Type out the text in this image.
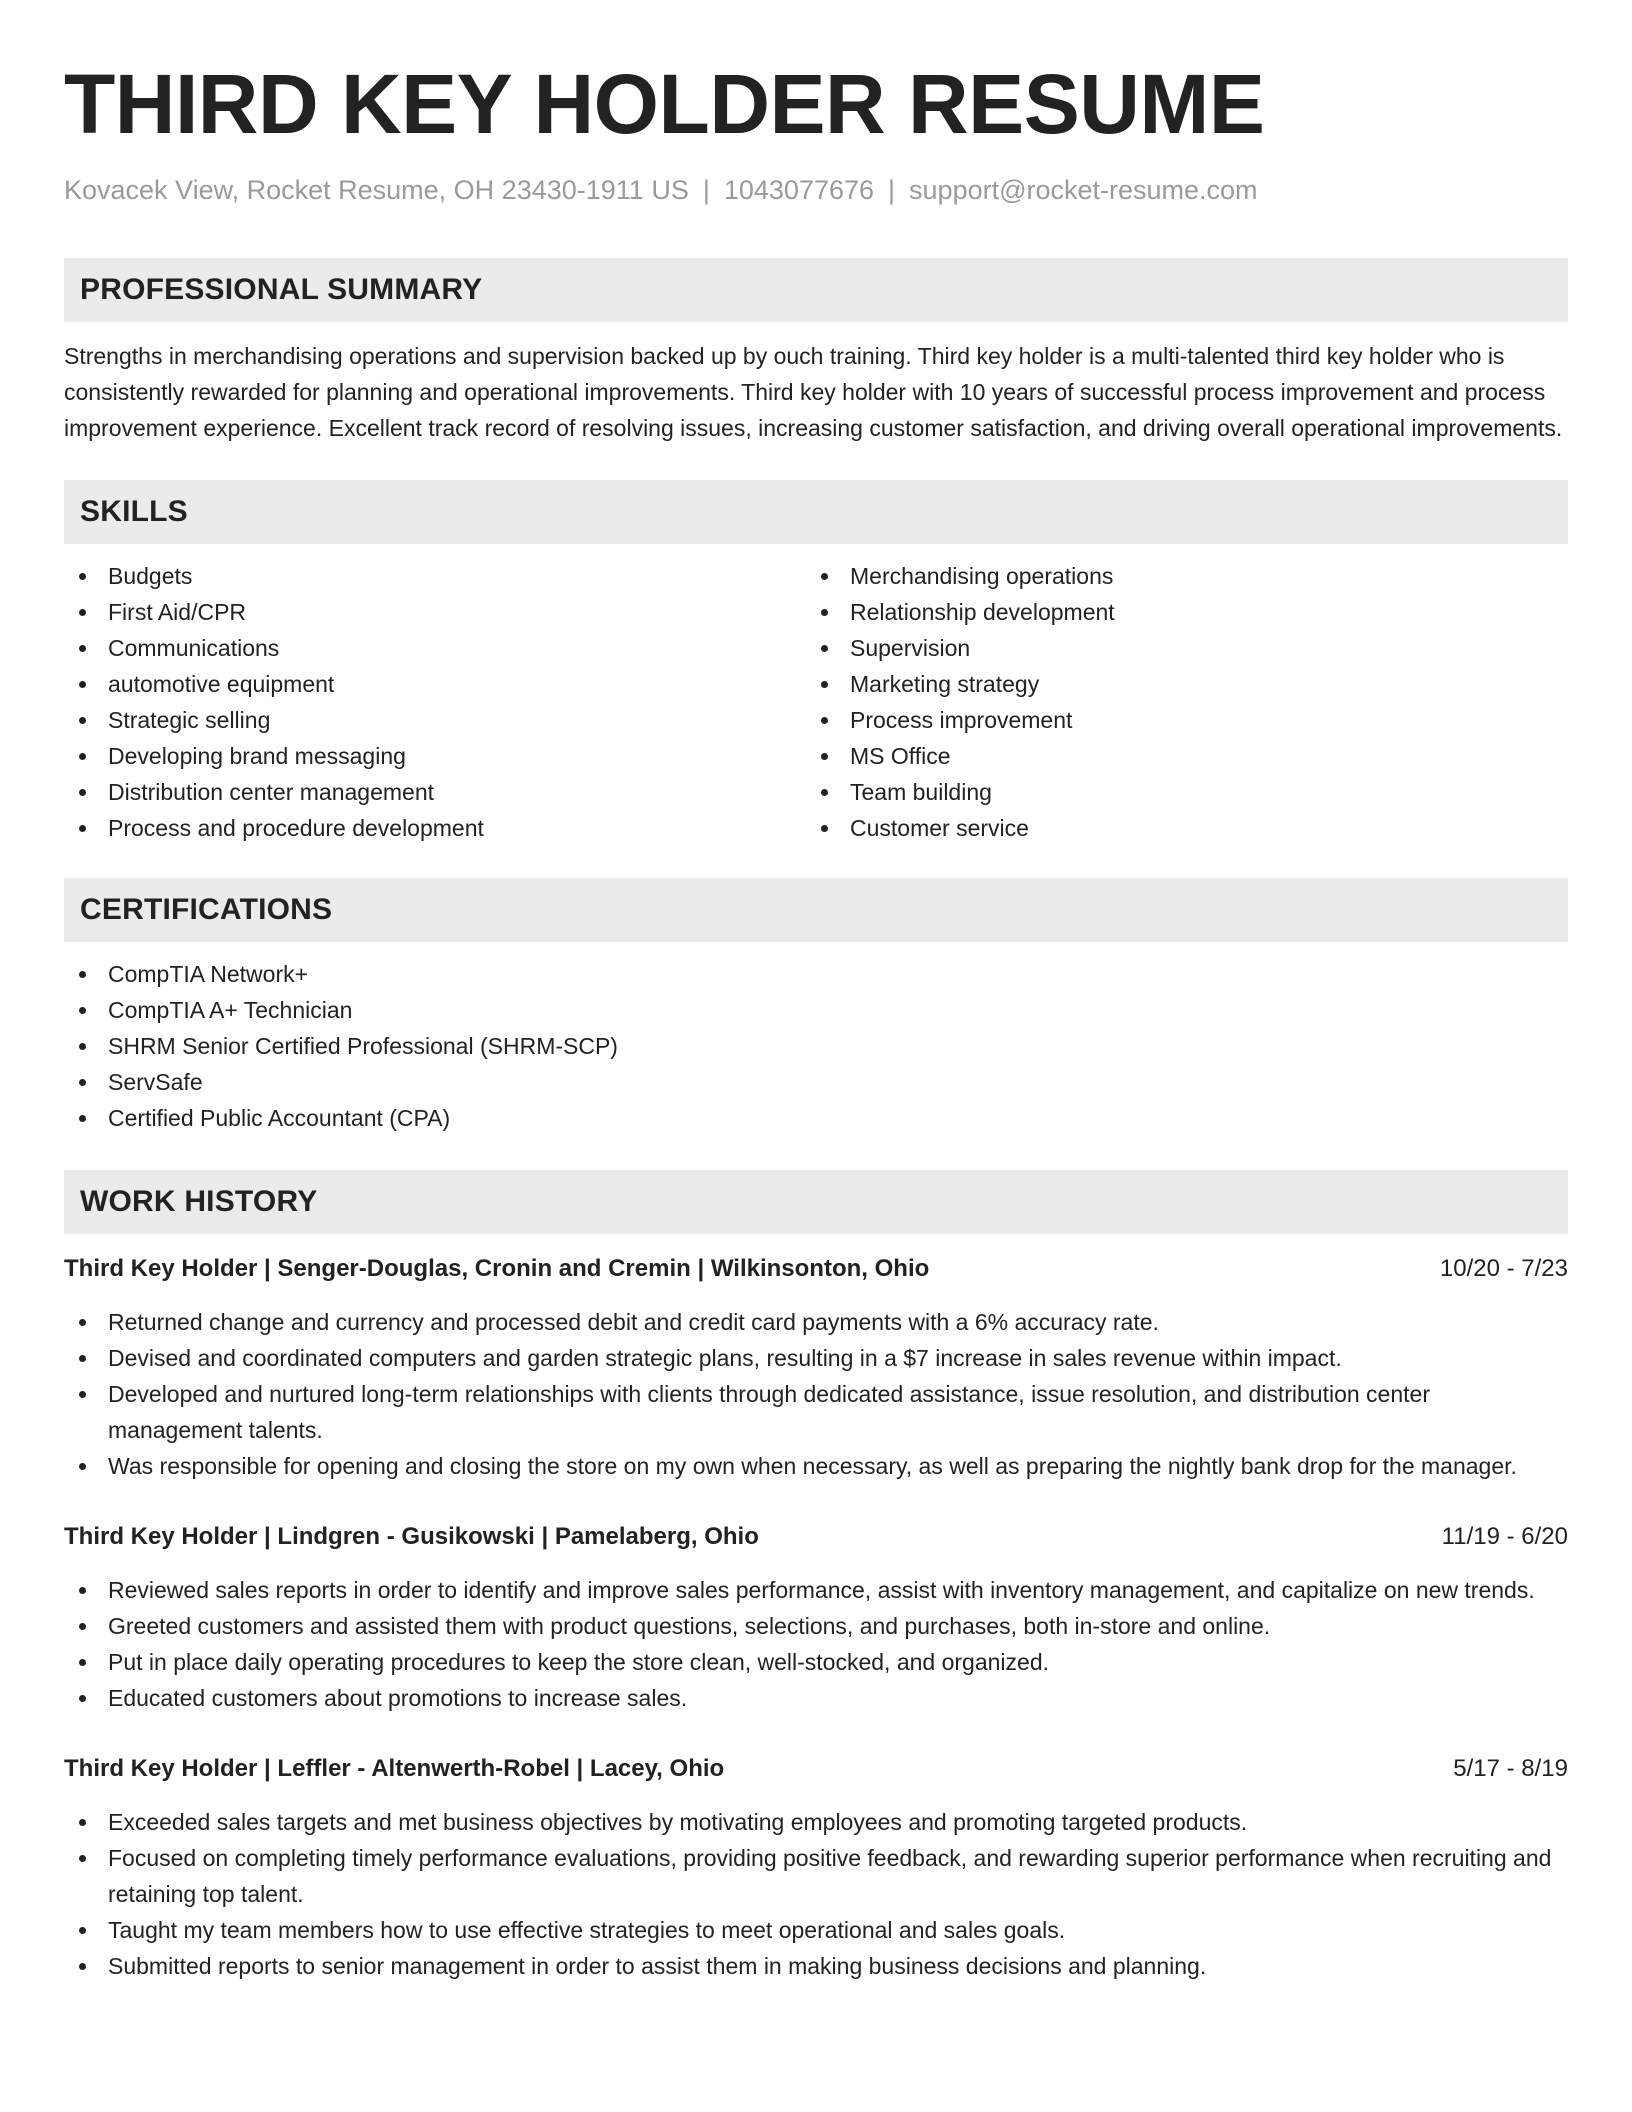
THIRD KEY HOLDER RESUME
Kovacek View, Rocket Resume, OH 23430-1911 US | 1043077676 | support@rocket-resume.com
PROFESSIONAL SUMMARY

Strengths in merchandising operations and supervision backed up by ouch training. Third key holder is a multi-talented third key holder who is consistently rewarded for planning and operational improvements. Third key holder with 10 years of successful process improvement and process improvement experience. Excellent track record of resolving issues, increasing customer satisfaction, and driving overall operational improvements.

SKILLS
Budgets
First Aid/CPR
Communications
automotive equipment
Strategic selling
Developing brand messaging
Distribution center management
Process and procedure development
Merchandising operations
Relationship development
Supervision
Marketing strategy
Process improvement
MS Office
Team building
Customer service
CERTIFICATIONS
CompTIA Network+
CompTIA A+ Technician
SHRM Senior Certified Professional (SHRM-SCP)
ServSafe
Certified Public Accountant (CPA)
WORK HISTORY
Third Key Holder | Senger-Douglas, Cronin and Cremin | Wilkinsonton, Ohio	10/20 - 7/23
Returned change and currency and processed debit and credit card payments with a 6% accuracy rate.
Devised and coordinated computers and garden strategic plans, resulting in a $7 increase in sales revenue within impact.
Developed and nurtured long-term relationships with clients through dedicated assistance, issue resolution, and distribution center management talents.
Was responsible for opening and closing the store on my own when necessary, as well as preparing the nightly bank drop for the manager.
Third Key Holder | Lindgren - Gusikowski | Pamelaberg, Ohio	11/19 - 6/20
Reviewed sales reports in order to identify and improve sales performance, assist with inventory management, and capitalize on new trends.
Greeted customers and assisted them with product questions, selections, and purchases, both in-store and online.
Put in place daily operating procedures to keep the store clean, well-stocked, and organized.
Educated customers about promotions to increase sales.
Third Key Holder | Leffler - Altenwerth-Robel | Lacey, Ohio	5/17 - 8/19
Exceeded sales targets and met business objectives by motivating employees and promoting targeted products.
Focused on completing timely performance evaluations, providing positive feedback, and rewarding superior performance when recruiting and retaining top talent.
Taught my team members how to use effective strategies to meet operational and sales goals.
Submitted reports to senior management in order to assist them in making business decisions and planning.
